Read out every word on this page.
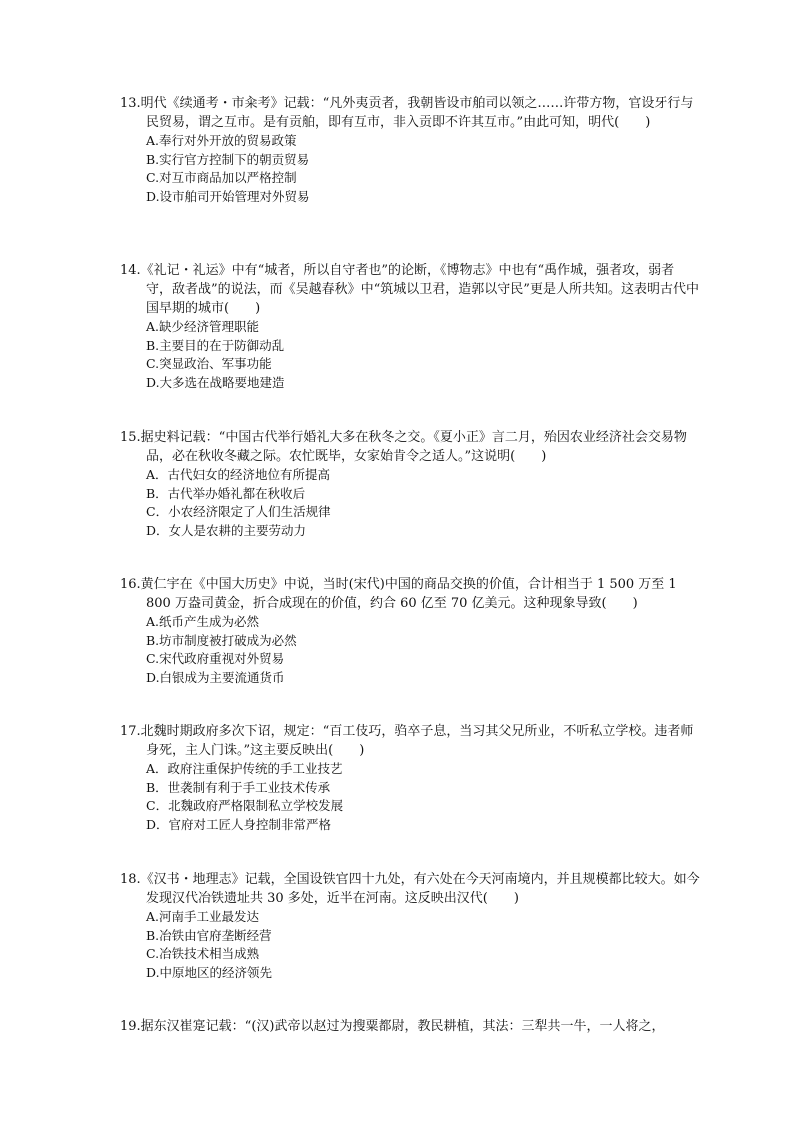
13.明代《续通考・市籴考》记载：“凡外夷贡者，我朝皆设市舶司以领之……许带方物，官设牙行与民贸易，谓之互市。是有贡舶，即有互市，非入贡即不许其互市。”由此可知，明代(　　)

A.奉行对外开放的贸易政策

B.实行官方控制下的朝贡贸易

C.对互市商品加以严格控制

D.设市舶司开始管理对外贸易

14.《礼记・礼运》中有“城者，所以自守者也”的论断，《博物志》中也有“禹作城，强者攻，弱者守，敌者战”的说法，而《吴越春秋》中“筑城以卫君，造郭以守民”更是人所共知。这表明古代中国早期的城市(　　)

A.缺少经济管理职能

B.主要目的在于防御动乱

C.突显政治、军事功能

D.大多选在战略要地建造

15.据史料记载：“中国古代举行婚礼大多在秋冬之交。《夏小正》言二月，殆因农业经济社会交易物品，必在秋收冬藏之际。农忙既毕，女家始肯令之适人。”这说明(　　)

A．古代妇女的经济地位有所提高

B．古代举办婚礼都在秋收后

C．小农经济限定了人们生活规律

D．女人是农耕的主要劳动力

16.黄仁宇在《中国大历史》中说，当时(宋代)中国的商品交换的价值，合计相当于 1 500 万至 1 800 万盎司黄金，折合成现在的价值，约合 60 亿至 70 亿美元。这种现象导致(　　)

A.纸币产生成为必然

B.坊市制度被打破成为必然

C.宋代政府重视对外贸易

D.白银成为主要流通货币

17.北魏时期政府多次下诏，规定：“百工伎巧，驺卒子息，当习其父兄所业，不听私立学校。违者师身死，主人门诛。”这主要反映出(　　)

A．政府注重保护传统的手工业技艺

B．世袭制有利于手工业技术传承

C．北魏政府严格限制私立学校发展

D．官府对工匠人身控制非常严格

18.《汉书・地理志》记载，全国设铁官四十九处，有六处在今天河南境内，并且规模都比较大。如今发现汉代冶铁遗址共 30 多处，近半在河南。这反映出汉代(　　)

A.河南手工业最发达

B.冶铁由官府垄断经营

C.冶铁技术相当成熟

D.中原地区的经济领先

19.据东汉崔寔记载：“(汉)武帝以赵过为搜粟都尉，教民耕植，其法：三犁共一牛，一人将之，
